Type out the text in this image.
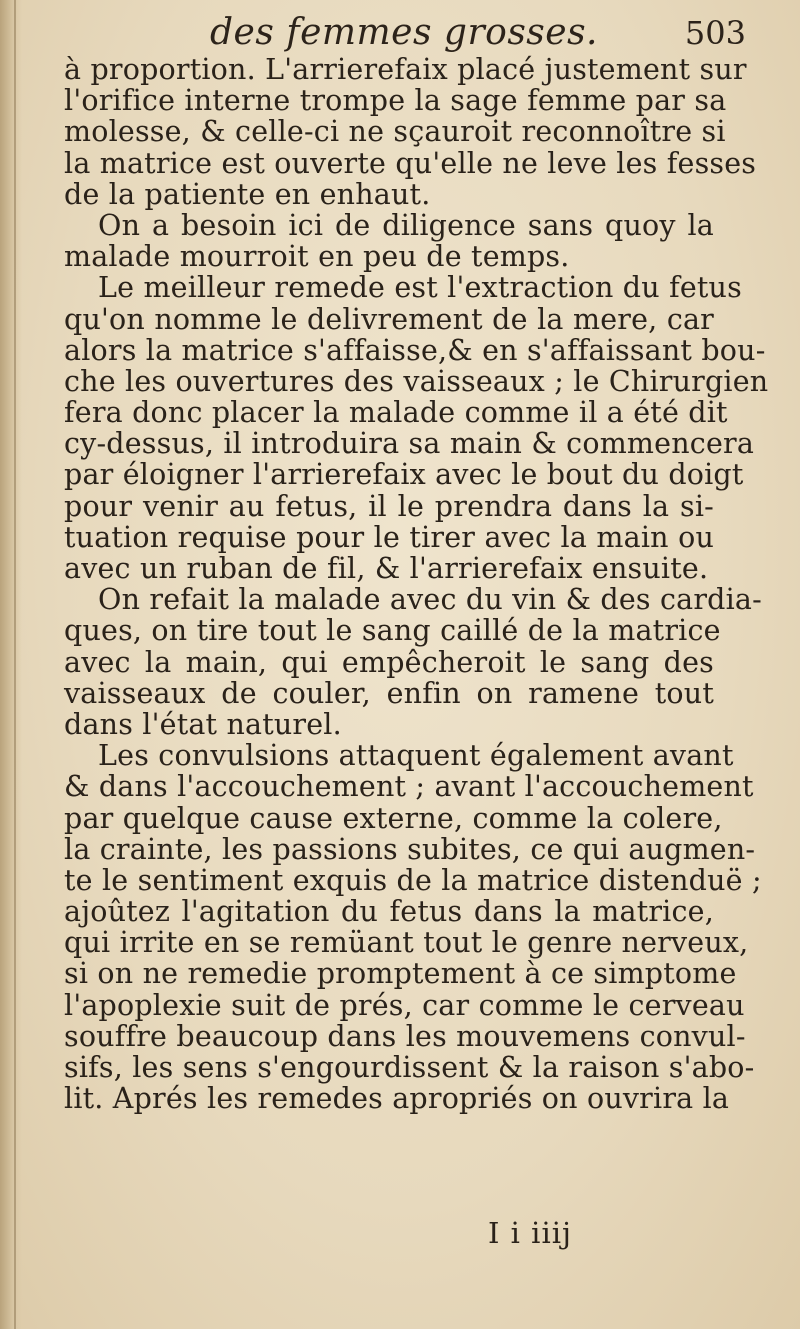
des femmes grosses.	503
à proportion. L'arrierefaix placé justement sur
l'orifice interne trompe la sage femme par sa
molesse, & celle-ci ne sçauroit reconnoître si
la matrice est ouverte qu'elle ne leve les fesses
de la patiente en enhaut.
On a besoin ici de diligence sans quoy la
malade mourroit en peu de temps.
Le meilleur remede est l'extraction du fetus
qu'on nomme le delivrement de la mere, car
alors la matrice s'affaisse,& en s'affaissant bou-
che les ouvertures des vaisseaux ; le Chirurgien
fera donc placer la malade comme il a été dit
cy-dessus, il introduira sa main & commencera
par éloigner l'arrierefaix avec le bout du doigt
pour venir au fetus, il le prendra dans la si-
tuation requise pour le tirer avec la main ou
avec un ruban de fil, & l'arrierefaix ensuite.
On refait la malade avec du vin & des cardia-
ques, on tire tout le sang caillé de la matrice
avec la main, qui empêcheroit le sang des
vaisseaux de couler, enfin on ramene tout
dans l'état naturel.
Les convulsions attaquent également avant
& dans l'accouchement ; avant l'accouchement
par quelque cause externe, comme la colere,
la crainte, les passions subites, ce qui augmen-
te le sentiment exquis de la matrice distenduë ;
ajoûtez l'agitation du fetus dans la matrice,
qui irrite en se remüant tout le genre nerveux,
si on ne remedie promptement à ce simptome
l'apoplexie suit de prés, car comme le cerveau
souffre beaucoup dans les mouvemens convul-
sifs, les sens s'engourdissent & la raison s'abo-
lit. Aprés les remedes apropriés on ouvrira la
I i iiij
